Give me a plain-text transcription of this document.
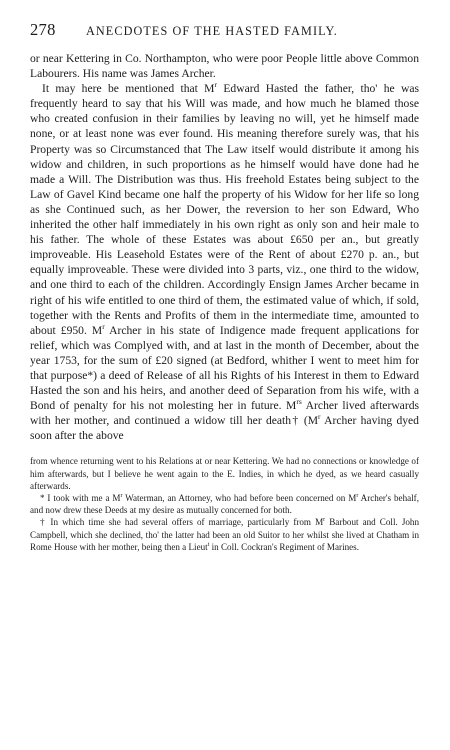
278	ANECDOTES OF THE HASTED FAMILY.

or near Kettering in Co. Northampton, who were poor People little above Common Labourers. His name was James Archer.

It may here be mentioned that $M^r$ Edward Hasted the father, tho' he was frequently heard to say that his Will was made, and how much he blamed those who created confusion in their families by leaving no will, yet he himself made none, or at least none was ever found. His meaning therefore surely was, that his Property was so Circumstanced that The Law itself would distribute it among his widow and children, in such proportions as he himself would have done had he made a Will. The Distribution was thus. His freehold Estates being subject to the Law of Gavel Kind became one half the property of his Widow for her life so long as she Continued such, as her Dower, the reversion to her son Edward, Who inherited the other half immediately in his own right as only son and heir male to his father. The whole of these Estates was about £650 per an., but greatly improveable. His Leasehold Estates were of the Rent of about £270 p. an., but equally improveable. These were divided into 3 parts, viz., one third to the widow, and one third to each of the children. Accordingly Ensign James Archer became in right of his wife entitled to one third of them, the estimated value of which, if sold, together with the Rents and Profits of them in the intermediate time, amounted to about £950. $M^r$ Archer in his state of Indigence made frequent applications for relief, which was Complyed with, and at last in the month of December, about the year 1753, for the sum of £20 signed (at Bedford, whither I went to meet him for that purpose*) a deed of Release of all his Rights of his Interest in them to Edward Hasted the son and his heirs, and another deed of Separation from his wife, with a Bond of penalty for his not molesting her in future. $M^{rs}$ Archer lived afterwards with her mother, and continued a widow till her death† ($M^r$ Archer having dyed soon after the above

from whence returning went to his Relations at or near Kettering. We had no connections or knowledge of him afterwards, but I believe he went again to the E. Indies, in which he dyed, as we heard casually afterwards.

* I took with me a $M^r$ Waterman, an Attorney, who had before been concerned on $M^r$ Archer's behalf, and now drew these Deeds at my desire as mutually concerned for both.

† In which time she had several offers of marriage, particularly from $M^r$ Barbout and Coll. John Campbell, which she declined, tho' the latter had been an old Suitor to her whilst she lived at Chatham in Rome House with her mother, being then a Lieut$^t$ in Coll. Cockran's Regiment of Marines.
